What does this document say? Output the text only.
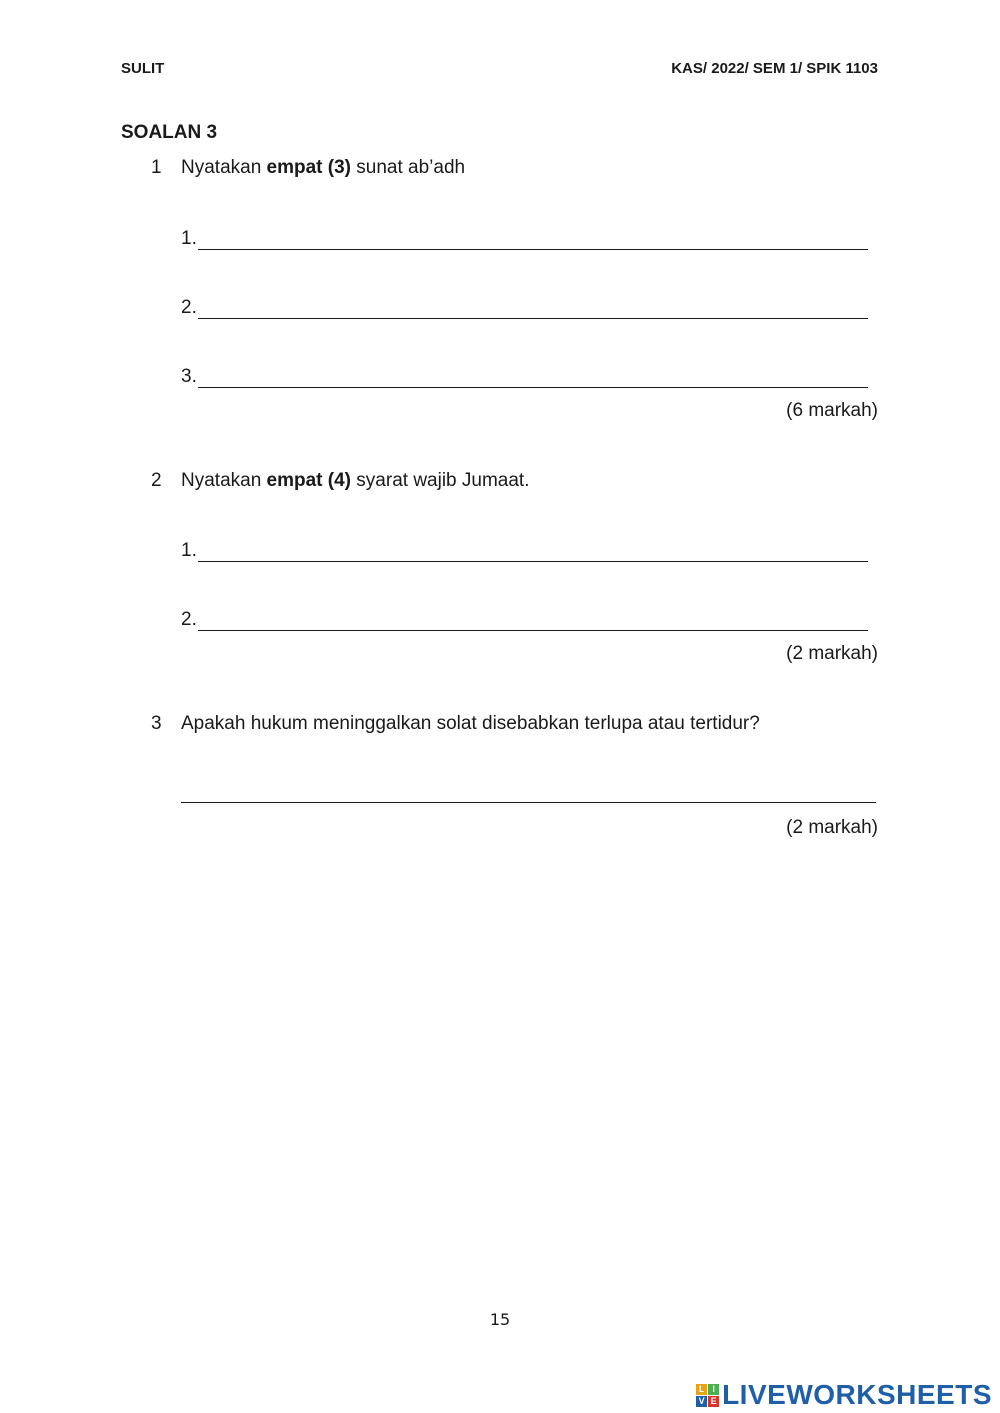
SULIT	KAS/ 2022/ SEM 1/ SPIK 1103
SOALAN 3
1 Nyatakan empat (3) sunat ab’adh
1.
2.
3.
(6 markah)
2 Nyatakan empat (4) syarat wajib Jumaat.
1.
2.
(2 markah)
3 Apakah hukum meninggalkan solat disebabkan terlupa atau tertidur?
(2 markah)
15
L I
V E LIVEWORKSHEETS
